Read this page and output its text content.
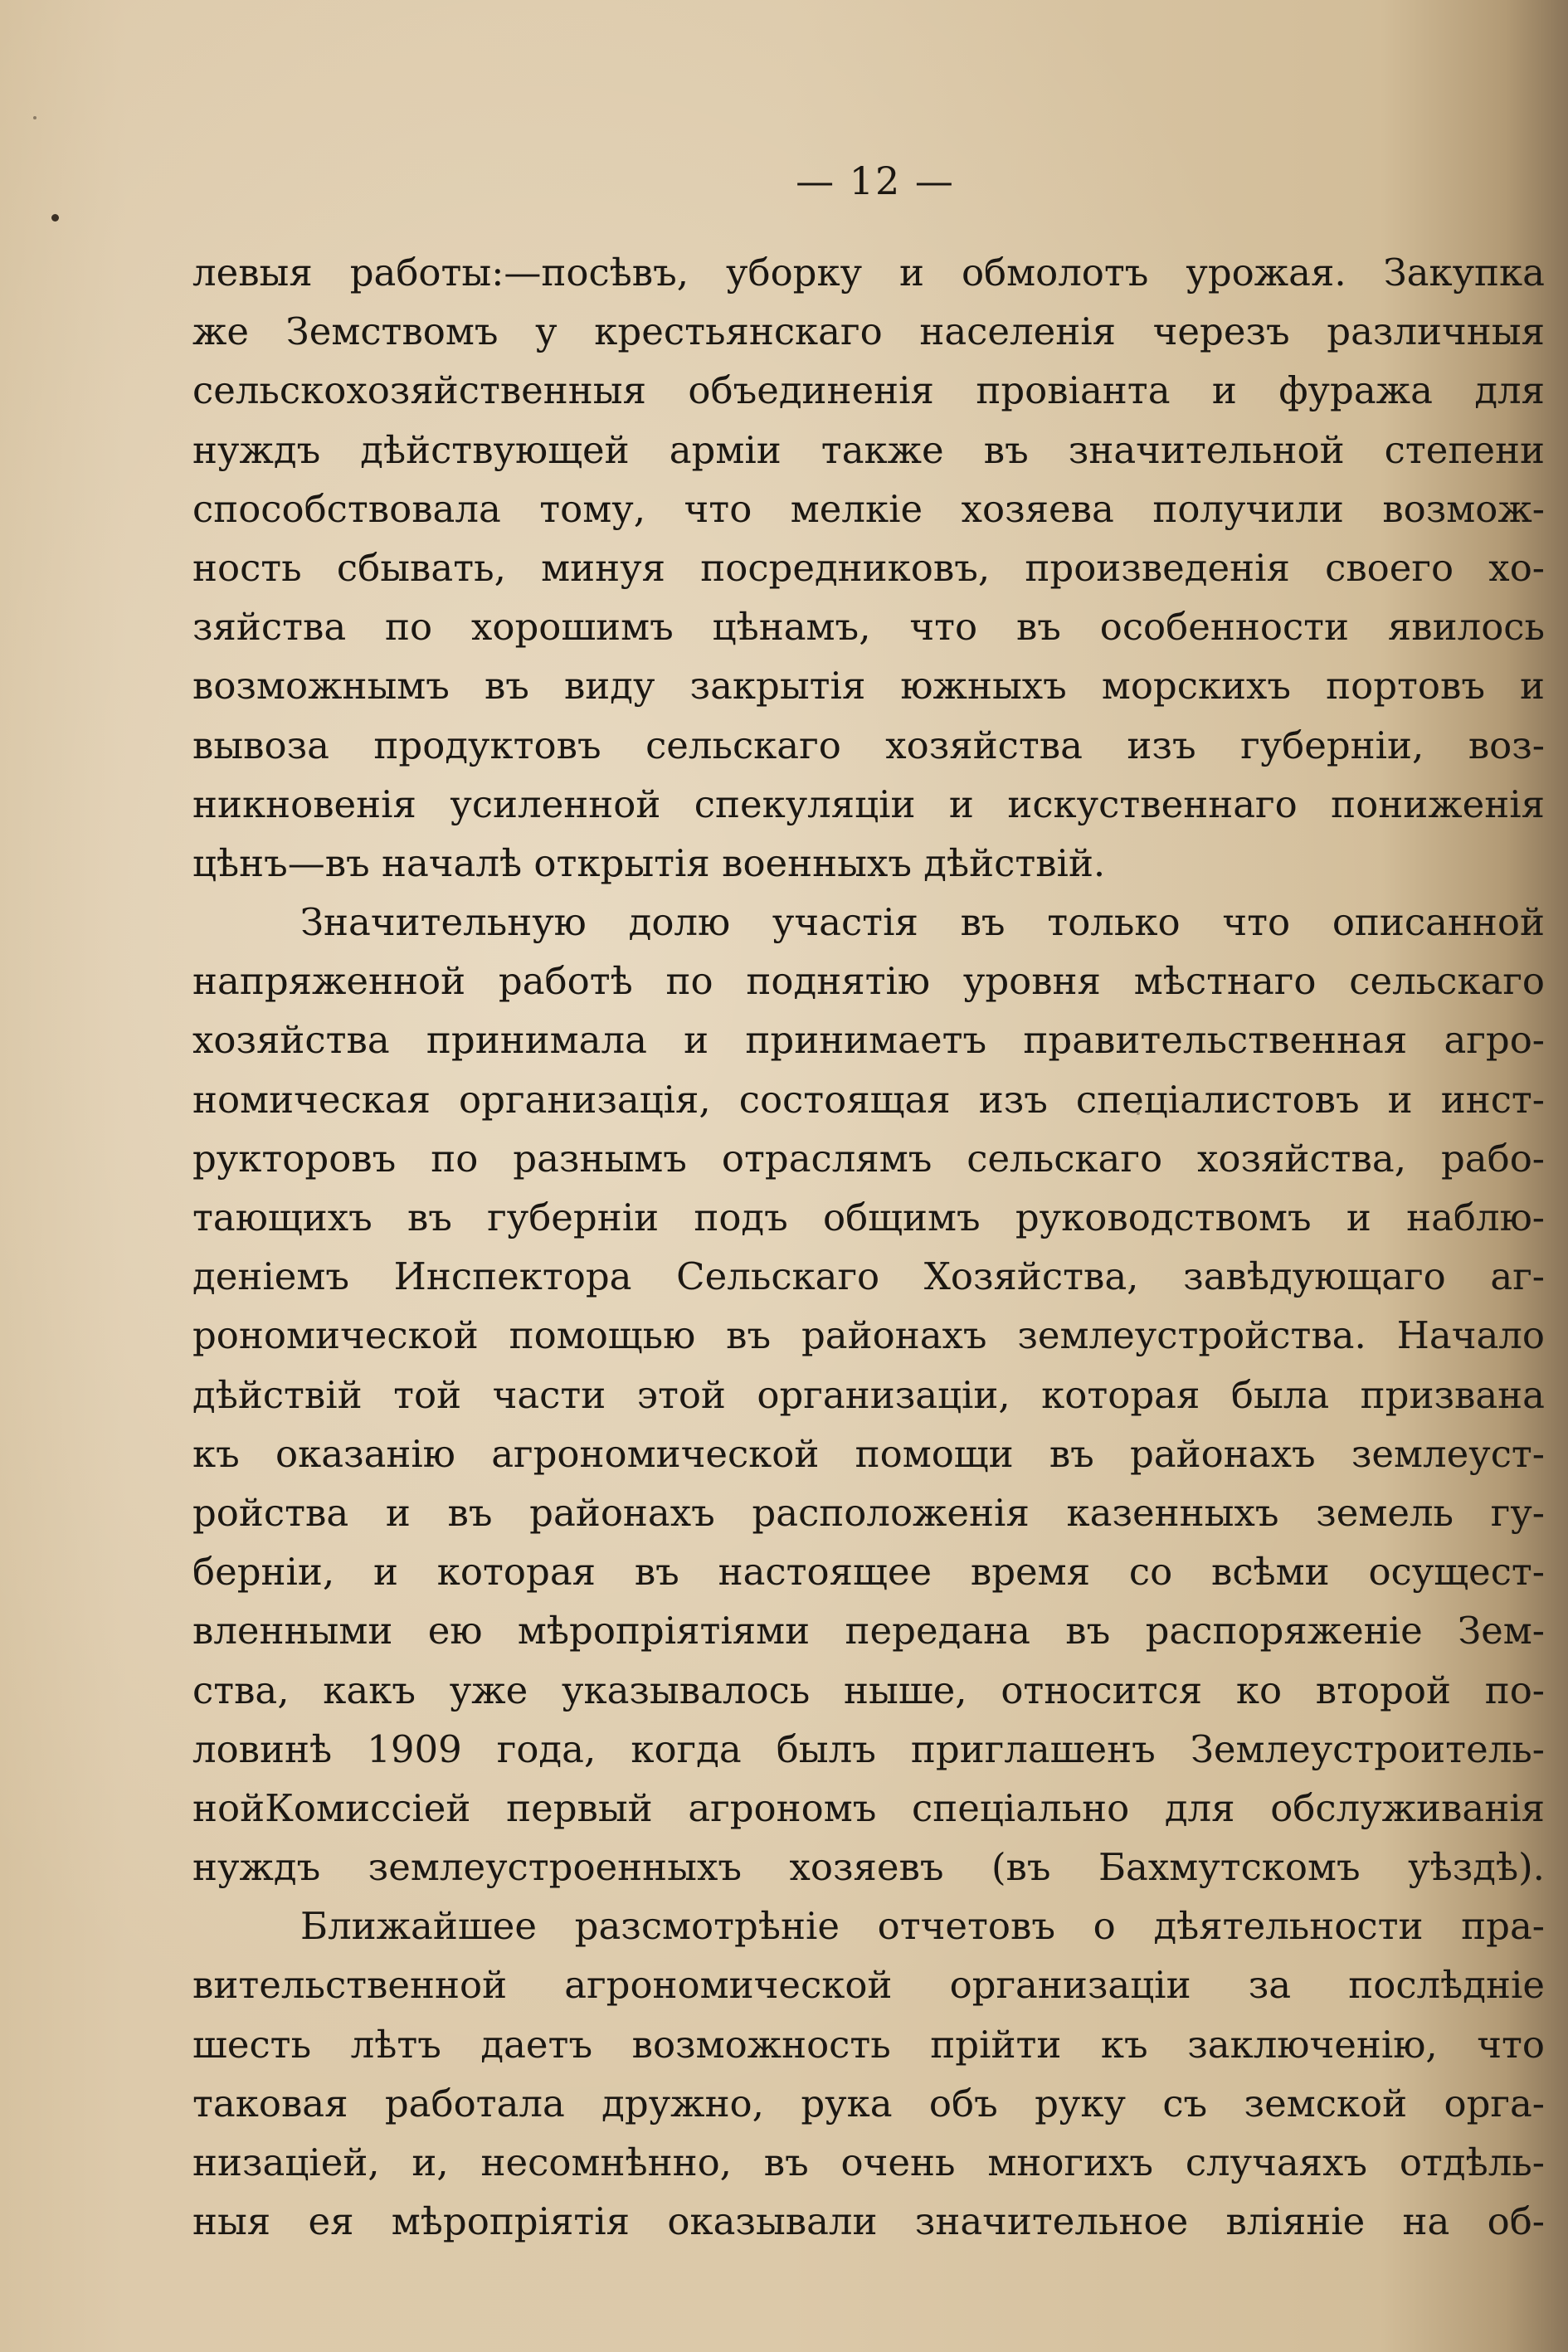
— 12 —
левыя работы:—посѣвъ, уборку и обмолотъ урожая. Закупка
же Земствомъ у крестьянскаго населенія черезъ различныя
сельскохозяйственныя объединенія провіанта и фуража для
нуждъ дѣйствующей арміи также въ значительной степени
способствовала тому, что мелкіе хозяева получили возмож-
ность сбывать, минуя посредниковъ, произведенія своего хо-
зяйства по хорошимъ цѣнамъ, что въ особенности явилось
возможнымъ въ виду закрытія южныхъ морскихъ портовъ и
вывоза продуктовъ сельскаго хозяйства изъ губерніи, воз-
никновенія усиленной спекуляціи и искуственнаго пониженія
цѣнъ—въ началѣ открытія военныхъ дѣйствій.
Значительную долю участія въ только что описанной
напряженной работѣ по поднятію уровня мѣстнаго сельскаго
хозяйства принимала и принимаетъ правительственная агро-
номическая организація, состоящая изъ спеціалистовъ и инст-
рукторовъ по разнымъ отраслямъ сельскаго хозяйства, рабо-
тающихъ въ губерніи подъ общимъ руководствомъ и наблю-
деніемъ Инспектора Сельскаго Хозяйства, завѣдующаго аг-
рономической помощью въ районахъ землеустройства. Начало
дѣйствій той части этой организаціи, которая была призвана
къ оказанію агрономической помощи въ районахъ землеуст-
ройства и въ районахъ расположенія казенныхъ земель гу-
берніи, и которая въ настоящее время со всѣми осущест-
вленными ею мѣропріятіями передана въ распоряженіе Зем-
ства, какъ уже указывалось ныше, относится ко второй по-
ловинѣ 1909 года, когда былъ приглашенъ Землеустроитель-
нойКомиссіей первый агрономъ спеціально для обслуживанія
нуждъ землеустроенныхъ хозяевъ (въ Бахмутскомъ уѣздѣ).
Ближайшее разсмотрѣніе отчетовъ о дѣятельности пра-
вительственной агрономической организаціи за послѣдніе
шесть лѣтъ даетъ возможность прійти къ заключенію, что
таковая работала дружно, рука объ руку съ земской орга-
низаціей, и, несомнѣнно, въ очень многихъ случаяхъ отдѣль-
ныя ея мѣропріятія оказывали значительное вліяніе на об-
